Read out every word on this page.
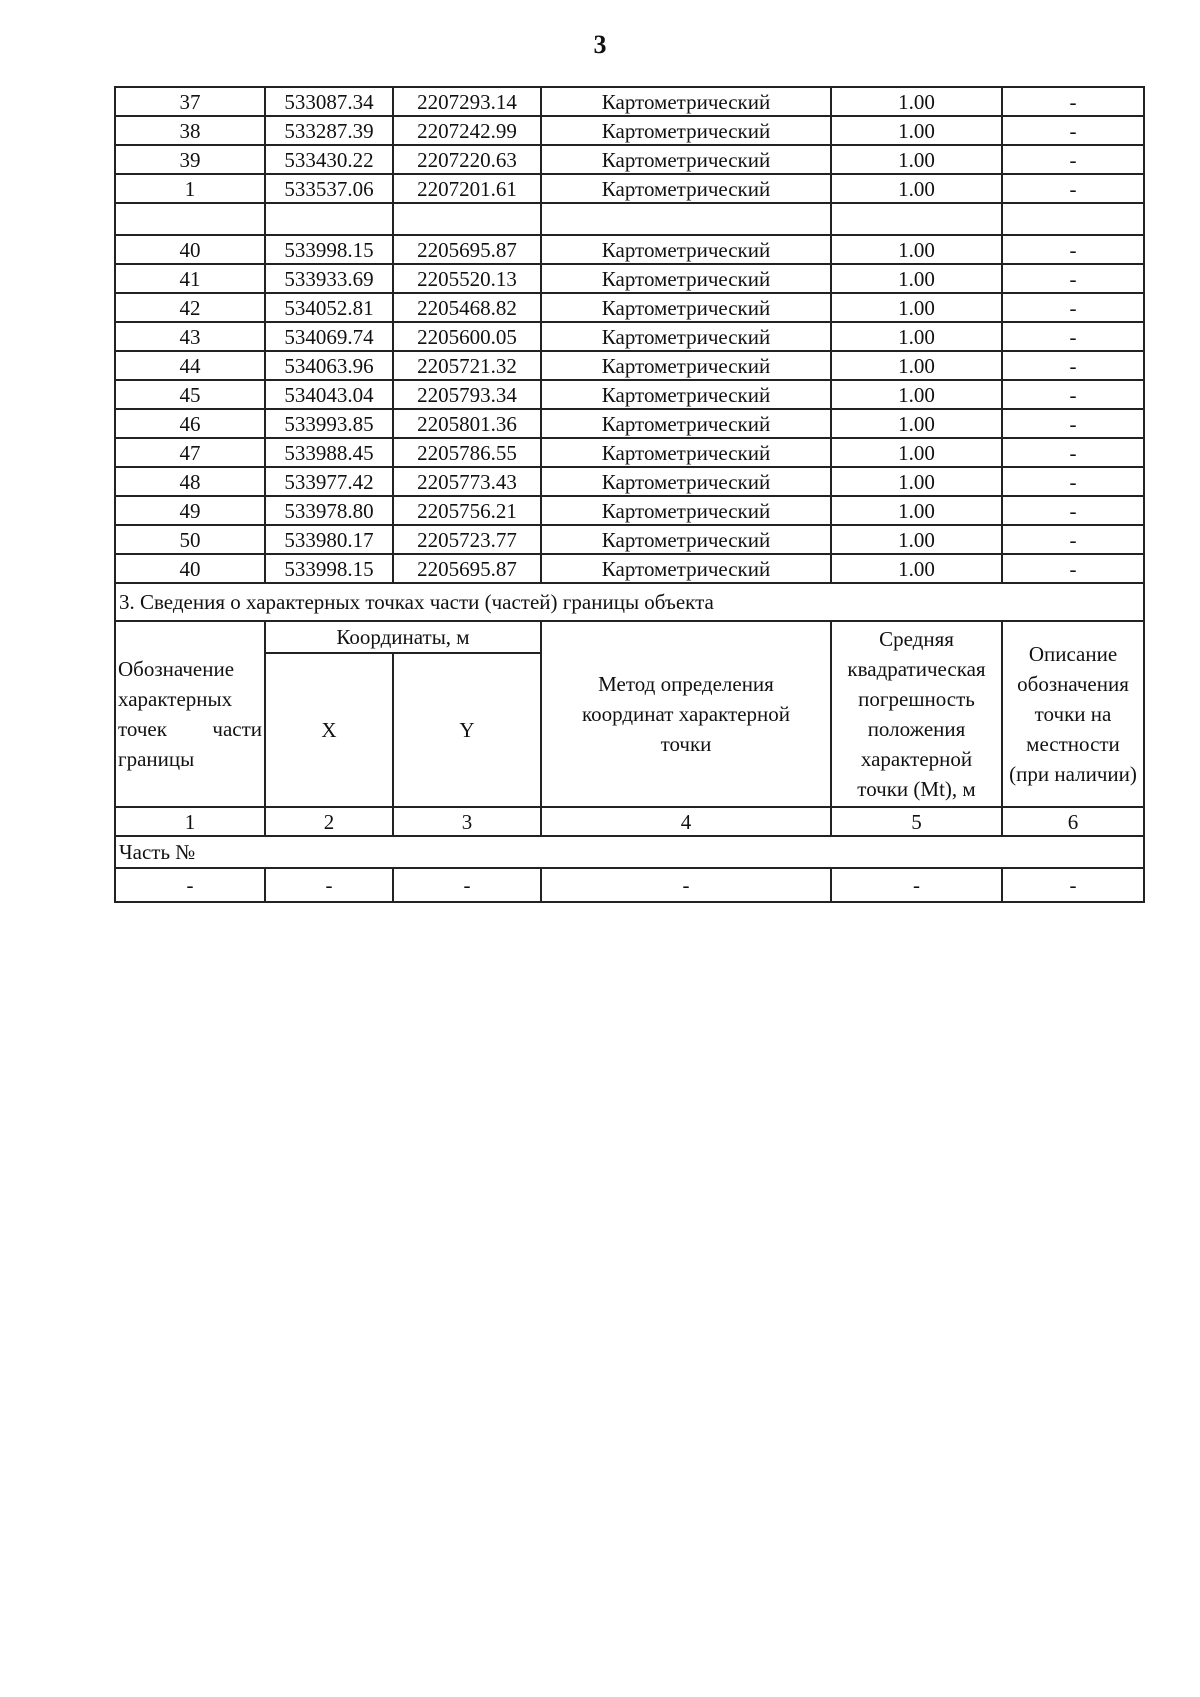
3
37	533087.34	2207293.14	Картометрический	1.00	-
38	533287.39	2207242.99	Картометрический	1.00	-
39	533430.22	2207220.63	Картометрический	1.00	-
1	533537.06	2207201.61	Картометрический	1.00	-

40	533998.15	2205695.87	Картометрический	1.00	-
41	533933.69	2205520.13	Картометрический	1.00	-
42	534052.81	2205468.82	Картометрический	1.00	-
43	534069.74	2205600.05	Картометрический	1.00	-
44	534063.96	2205721.32	Картометрический	1.00	-
45	534043.04	2205793.34	Картометрический	1.00	-
46	533993.85	2205801.36	Картометрический	1.00	-
47	533988.45	2205786.55	Картометрический	1.00	-
48	533977.42	2205773.43	Картометрический	1.00	-
49	533978.80	2205756.21	Картометрический	1.00	-
50	533980.17	2205723.77	Картометрический	1.00	-
40	533998.15	2205695.87	Картометрический	1.00	-
3. Сведения о характерных точках части (частей) границы объекта					
Обозначение характерных точек части границы	Координаты, м		Метод определения координат характерной точки	Средняя квадратическая погрешность положения характерной точки (Mt), м	Описание обозначения точки на местности (при наличии)
	X	Y			
1	2	3	4	5	6
Часть №					
-	-	-	-	-	-
